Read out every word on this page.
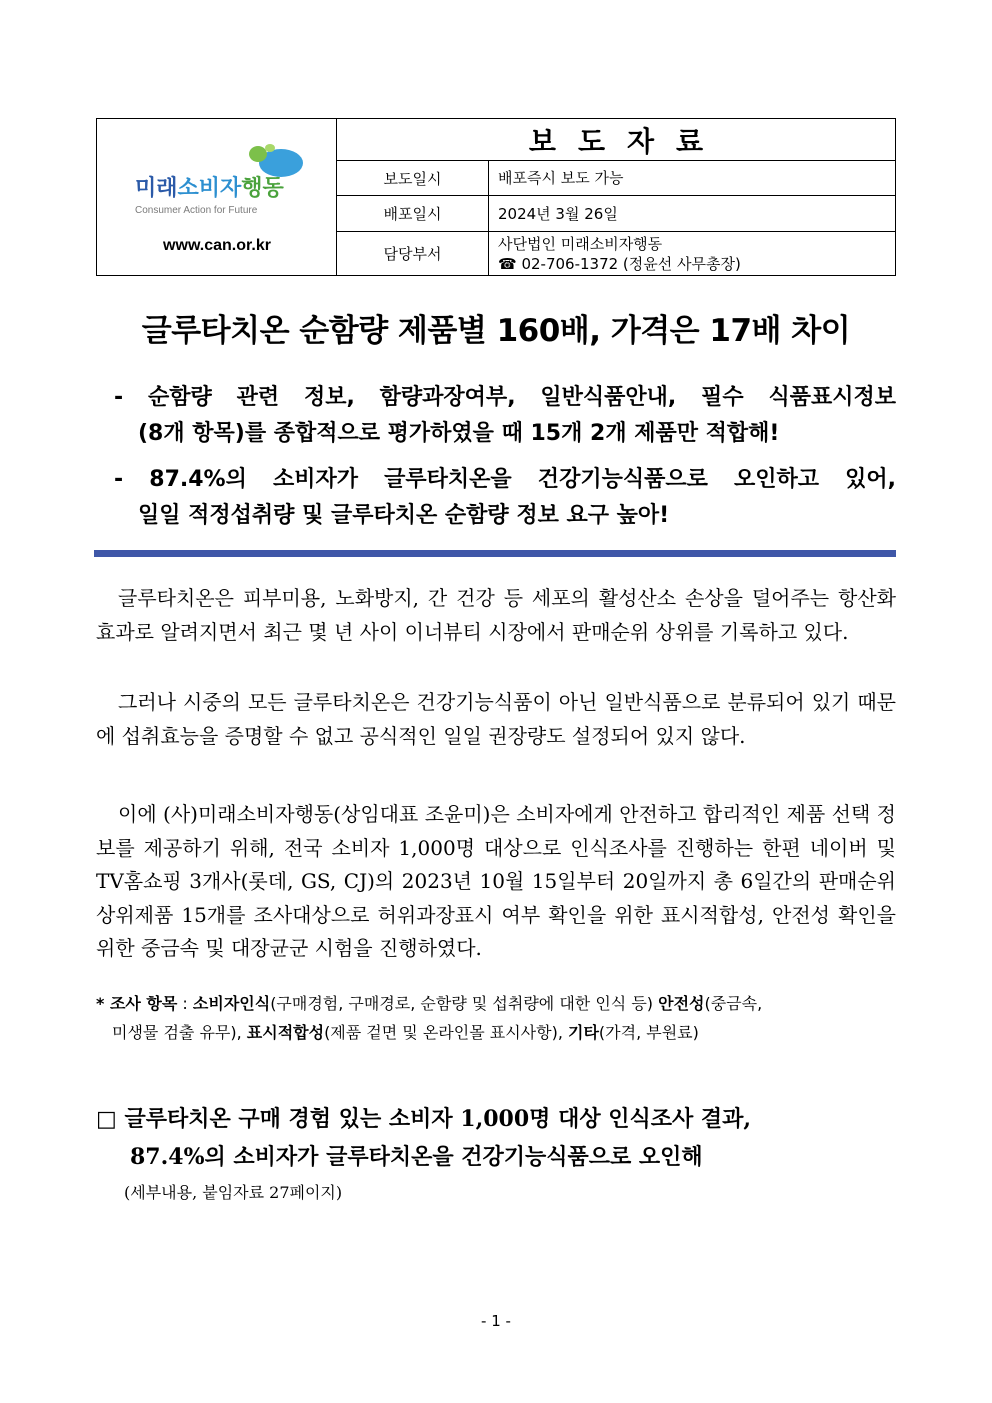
미래소비자행동
Consumer Action for Future
www.can.or.kr
보도자료
보도일시	배포즉시 보도 가능
배포일시	2024년 3월 26일
담당부서
사단법인 미래소비자행동
☎ 02-706-1372 (정윤선 사무총장)
글루타치온 순함량 제품별 160배, 가격은 17배 차이
- 순함량 관련 정보, 함량과장여부, 일반식품안내, 필수 식품표시정보
(8개 항목)를 종합적으로 평가하였을 때 15개 2개 제품만 적합해!
- 87.4%의 소비자가 글루타치온을 건강기능식품으로 오인하고 있어,
일일 적정섭취량 및 글루타치온 순함량 정보 요구 높아!

글루타치온은 피부미용, 노화방지, 간 건강 등 세포의 활성산소 손상을 덜어주는 항산화 효과로 알려지면서 최근 몇 년 사이 이너뷰티 시장에서 판매순위 상위를 기록하고 있다.

그러나 시중의 모든 글루타치온은 건강기능식품이 아닌 일반식품으로 분류되어 있기 때문에 섭취효능을 증명할 수 없고 공식적인 일일 권장량도 설정되어 있지 않다.

이에 (사)미래소비자행동(상임대표 조윤미)은 소비자에게 안전하고 합리적인 제품 선택 정보를 제공하기 위해, 전국 소비자 1,000명 대상으로 인식조사를 진행하는 한편 네이버 및 TV홈쇼핑 3개사(롯데, GS, CJ)의 2023년 10월 15일부터 20일까지 총 6일간의 판매순위 상위제품 15개를 조사대상으로 허위과장표시 여부 확인을 위한 표시적합성, 안전성 확인을 위한 중금속 및 대장균군 시험을 진행하였다.

* 조사 항목 : 소비자인식(구매경험, 구매경로, 순함량 및 섭취량에 대한 인식 등) 안전성(중금속,
미생물 검출 유무), 표시적합성(제품 겉면 및 온라인몰 표시사항), 기타(가격, 부원료)
□ 글루타치온 구매 경험 있는 소비자 1,000명 대상 인식조사 결과,
87.4%의 소비자가 글루타치온을 건강기능식품으로 오인해
(세부내용, 붙임자료 27페이지)
- 1 -
